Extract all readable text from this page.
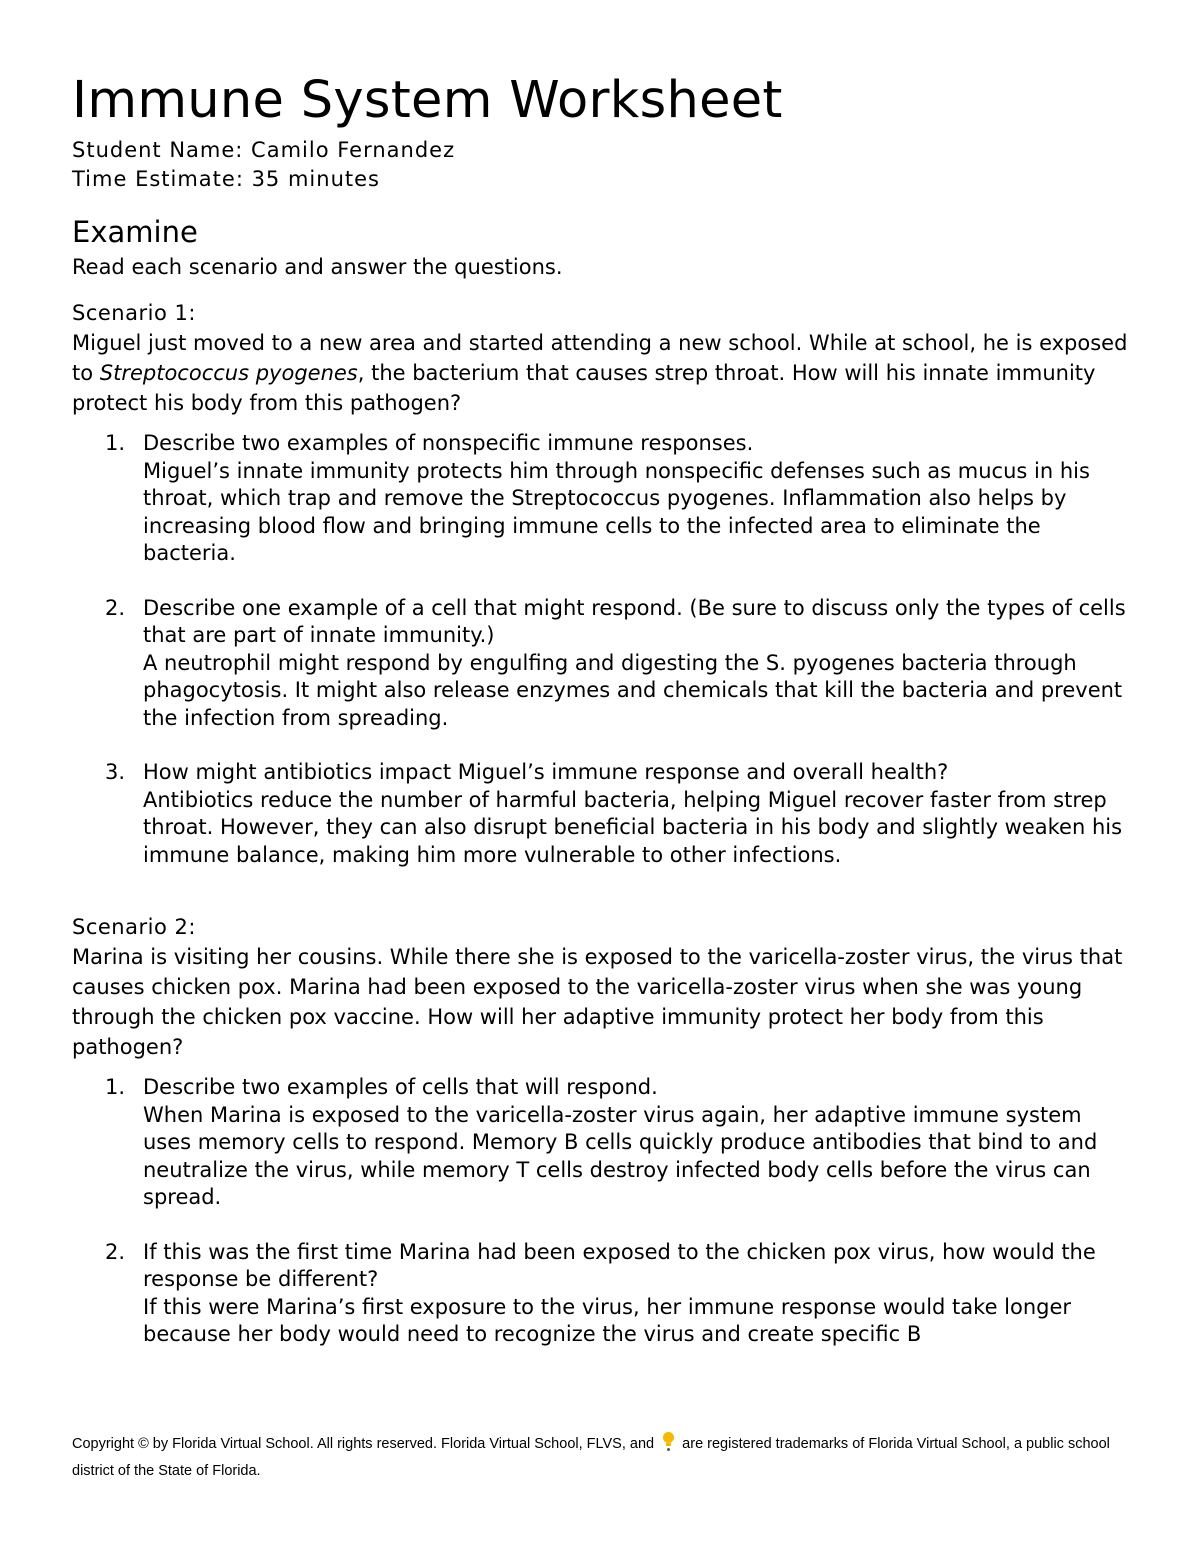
Immune System Worksheet
Student Name: Camilo Fernandez
Time Estimate: 35 minutes
Examine

Read each scenario and answer the questions.

Scenario 1:

Miguel just moved to a new area and started attending a new school. While at school, he is exposed to Streptococcus pyogenes, the bacterium that causes strep throat. How will his innate immunity protect his body from this pathogen?

1. Describe two examples of nonspecific immune responses.
Miguel’s innate immunity protects him through nonspecific defenses such as mucus in his throat, which trap and remove the Streptococcus pyogenes. Inflammation also helps by increasing blood flow and bringing immune cells to the infected area to eliminate the bacteria.
2. Describe one example of a cell that might respond. (Be sure to discuss only the types of cells that are part of innate immunity.)
A neutrophil might respond by engulfing and digesting the S. pyogenes bacteria through phagocytosis. It might also release enzymes and chemicals that kill the bacteria and prevent the infection from spreading.
3. How might antibiotics impact Miguel’s immune response and overall health?
Antibiotics reduce the number of harmful bacteria, helping Miguel recover faster from strep throat. However, they can also disrupt beneficial bacteria in his body and slightly weaken his immune balance, making him more vulnerable to other infections.
Scenario 2:

Marina is visiting her cousins. While there she is exposed to the varicella-zoster virus, the virus that causes chicken pox. Marina had been exposed to the varicella-zoster virus when she was young through the chicken pox vaccine. How will her adaptive immunity protect her body from this pathogen?

1. Describe two examples of cells that will respond.
When Marina is exposed to the varicella-zoster virus again, her adaptive immune system uses memory cells to respond. Memory B cells quickly produce antibodies that bind to and neutralize the virus, while memory T cells destroy infected body cells before the virus can spread.
2. If this was the first time Marina had been exposed to the chicken pox virus, how would the response be different?
If this were Marina’s first exposure to the virus, her immune response would take longer because her body would need to recognize the virus and create specific B
Copyright © by Florida Virtual School. All rights reserved. Florida Virtual School, FLVS, and are registered trademarks of Florida Virtual School, a public school district of the State of Florida.
